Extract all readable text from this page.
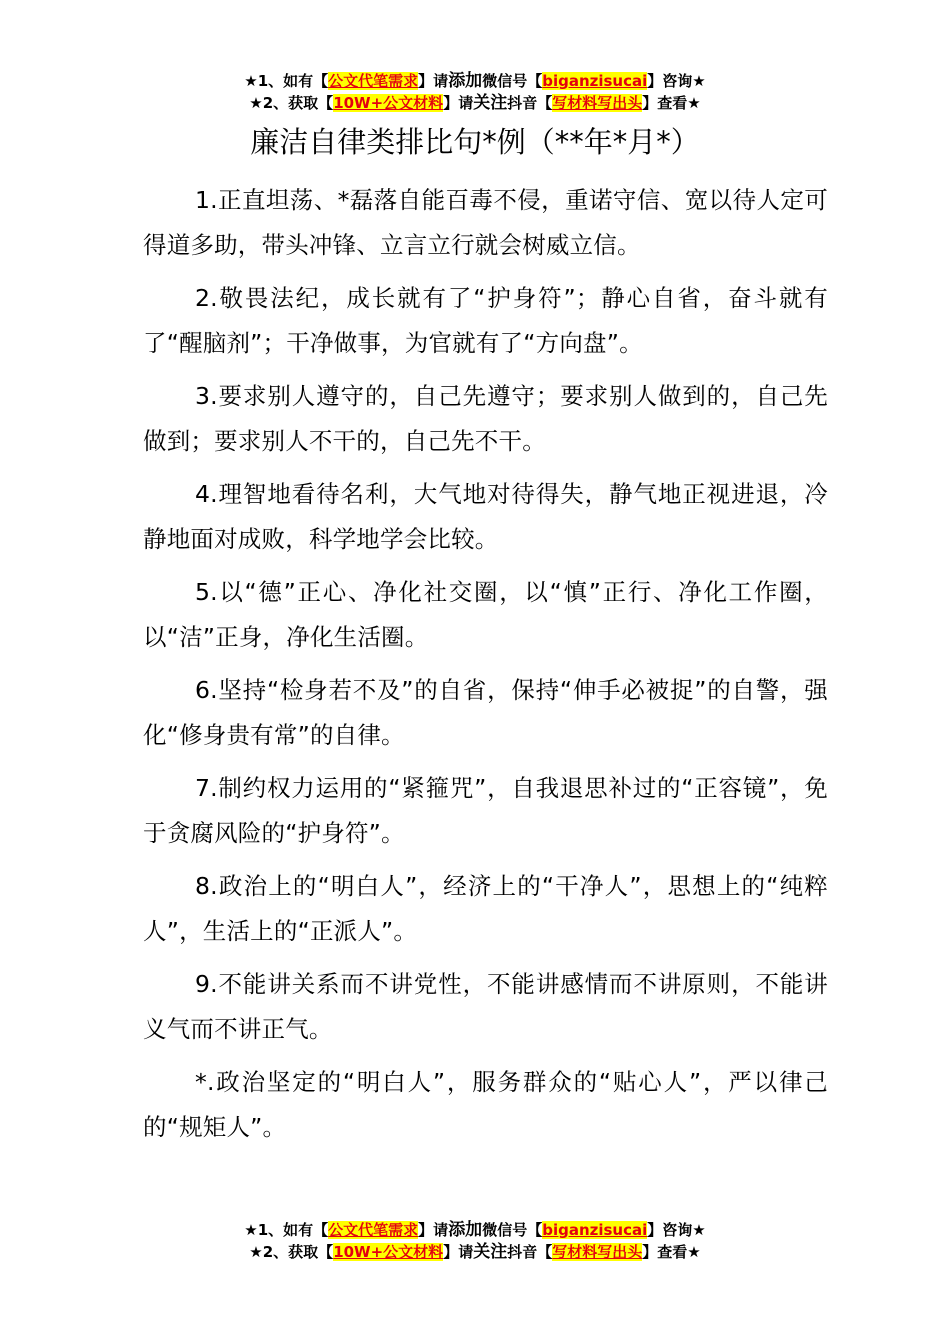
★1、如有【公文代笔需求】请添加微信号【biganzisucai】咨询★
★2、获取【10W+公文材料】请关注抖音【写材料写出头】查看★
廉洁自律类排比句*例（**年*月*）

1.正直坦荡、*磊落自能百毒不侵，重诺守信、宽以待人定可得道多助，带头冲锋、立言立行就会树威立信。

2.敬畏法纪，成长就有了“护身符”；静心自省，奋斗就有了“醒脑剂”；干净做事，为官就有了“方向盘”。

3.要求别人遵守的，自己先遵守；要求别人做到的，自己先做到；要求别人不干的，自己先不干。

4.理智地看待名利，大气地对待得失，静气地正视进退，冷静地面对成败，科学地学会比较。

5.以“德”正心、净化社交圈，以“慎”正行、净化工作圈，以“洁”正身，净化生活圈。

6.坚持“检身若不及”的自省，保持“伸手必被捉”的自警，强化“修身贵有常”的自律。

7.制约权力运用的“紧箍咒”，自我退思补过的“正容镜”，免于贪腐风险的“护身符”。

8.政治上的“明白人”，经济上的“干净人”，思想上的“纯粹人”，生活上的“正派人”。

9.不能讲关系而不讲党性，不能讲感情而不讲原则，不能讲义气而不讲正气。

*.政治坚定的“明白人”，服务群众的“贴心人”，严以律己的“规矩人”。

★1、如有【公文代笔需求】请添加微信号【biganzisucai】咨询★
★2、获取【10W+公文材料】请关注抖音【写材料写出头】查看★
